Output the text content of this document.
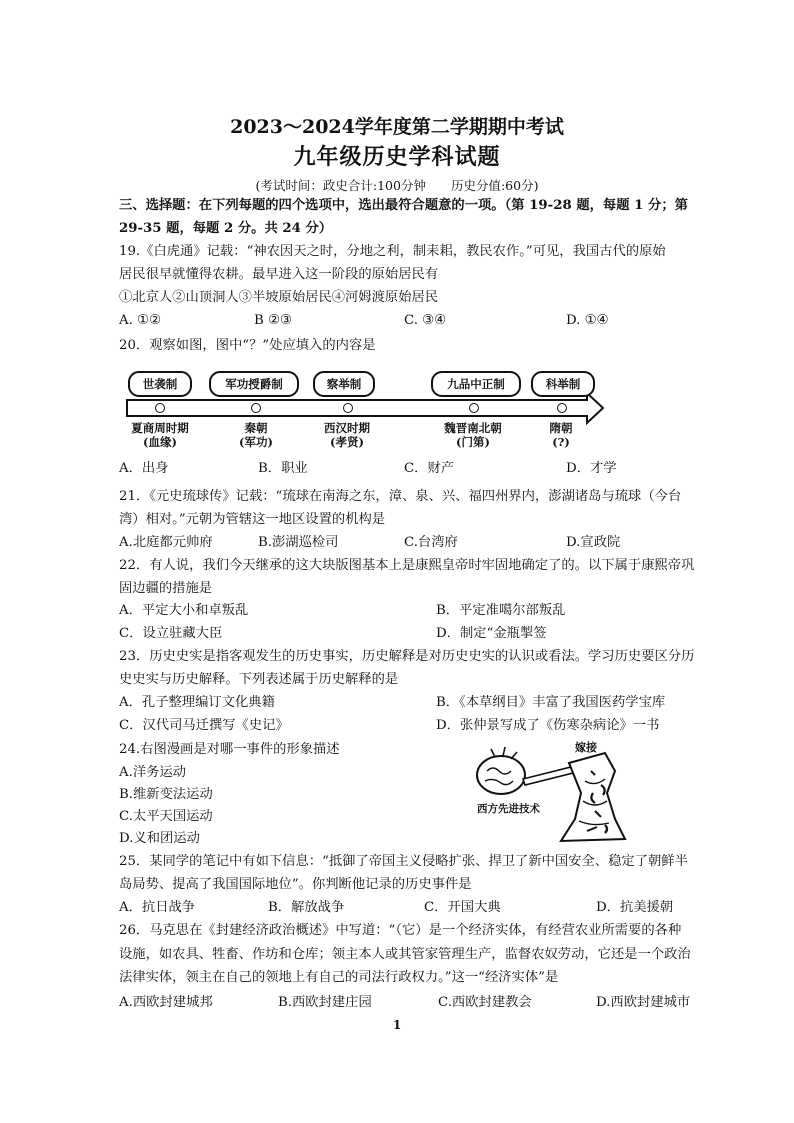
2023～2024学年度第二学期期中考试
九年级历史学科试题
(考试时间：政史合计:100分钟　　历史分值:60分)
三、选择题：在下列每题的四个选项中，选出最符合题意的一项。（第 19-28 题，每题 1 分；第
29-35 题，每题 2 分。共 24 分）
19.《白虎通》记载：“神农因天之时，分地之利，制耒耜，教民农作。”可见，我国古代的原始
居民很早就懂得农耕。最早进入这一阶段的原始居民有
①北京人②山顶洞人③半坡原始居民④河姆渡原始居民
A. ①②	B ②③	C. ③④	D. ①④
20．观察如图，图中“？”处应填入的内容是
世袭制	军功授爵制	察举制	九品中正制	科举制
夏商周时期
(血缘)
秦朝
(军功)
西汉时期
(孝贤)
魏晋南北朝
(门第)
隋朝
(?)
A．出身	B．职业	C．财产	D．才学
21．《元史琉球传》记载：“琉球在南海之东，漳、泉、兴、福四州界内，澎湖诸岛与琉球（今台
湾）相对。”元朝为管辖这一地区设置的机构是
A.北庭都元帅府	B.澎湖巡检司	C.台湾府	D.宣政院
22．有人说，我们今天继承的这大块版图基本上是康熙皇帝时牢固地确定了的。以下属于康熙帝巩
固边疆的措施是
A．平定大小和卓叛乱	B．平定准噶尔部叛乱
C．设立驻藏大臣	D．制定“金瓶掣签
23．历史史实是指客观发生的历史事实，历史解释是对历史史实的认识或看法。学习历史要区分历
史史实与历史解释。下列表述属于历史解释的是
A．孔子整理编订文化典籍	B．《本草纲目》丰富了我国医药学宝库
C．汉代司马迁撰写《史记》	D．张仲景写成了《伤寒杂病论》一书
24.右图漫画是对哪一事件的形象描述
A.洋务运动
B.维新变法运动
C.太平天国运动
D.义和团运动
嫁接
西方先进技术
25．某同学的笔记中有如下信息：“抵御了帝国主义侵略扩张、捍卫了新中国安全、稳定了朝鲜半
岛局势、提高了我国国际地位”。你判断他记录的历史事件是
A．抗日战争	B．解放战争	C．开国大典	D．抗美援朝
26．马克思在《封建经济政治概述》中写道：“（它）是一个经济实体，有经营农业所需要的各种
设施，如农具、牲畜、作坊和仓库；领主本人或其管家管理生产，监督农奴劳动，它还是一个政治
法律实体，领主在自己的领地上有自己的司法行政权力。”这一“经济实体”是
A.西欧封建城邦	B.西欧封建庄园	C.西欧封建教会	D.西欧封建城市
1
